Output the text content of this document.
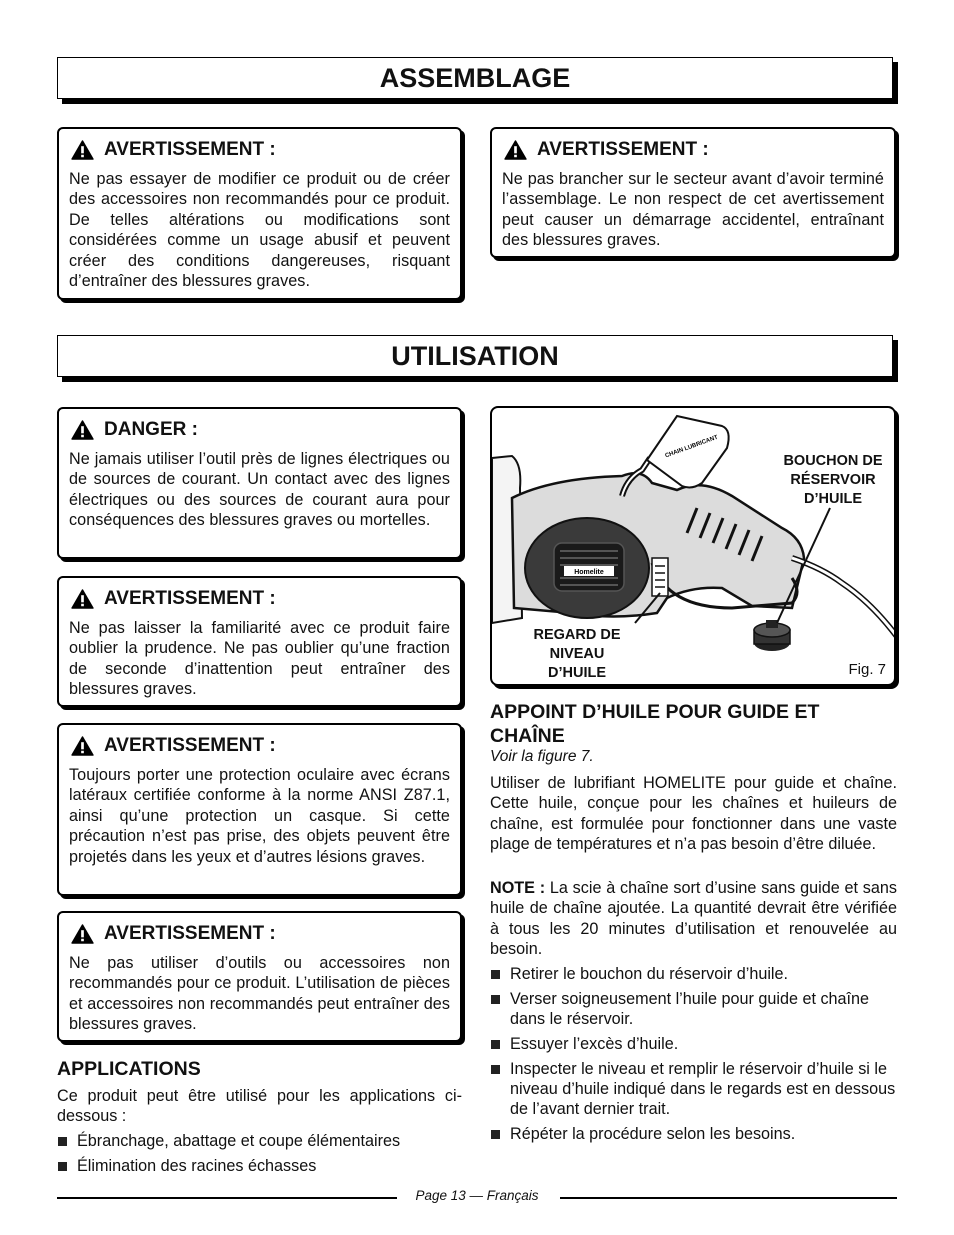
ASSEMBLAGE
AVERTISSEMENT :
Ne pas essayer de modifier ce produit ou de créer des accessoires non recommandés pour ce produit. De telles altérations ou modifications sont considérées comme un usage abusif et peuvent créer des conditions dangereuses, risquant d’entraîner des blessures graves.
AVERTISSEMENT :
Ne pas brancher sur le secteur avant d’avoir terminé l’assemblage. Le non respect de cet avertissement peut causer un démarrage accidentel, entraînant des blessures graves.
UTILISATION
DANGER :
Ne jamais utiliser l’outil près de lignes électriques ou de sources de courant. Un contact avec des lignes électriques ou des sources de courant aura pour conséquences des blessures graves ou mortelles.
AVERTISSEMENT :
Ne pas laisser la familiarité avec ce produit faire oublier la prudence. Ne pas oublier qu’une fraction de seconde d’inattention peut entraîner des blessures graves.
AVERTISSEMENT :
Toujours porter une protection oculaire avec écrans latéraux certifiée conforme à la norme ANSI Z87.1, ainsi qu’une protection un casque. Si cette précaution n’est pas prise, des objets peuvent être projetés dans les yeux et d’autres lésions graves.
AVERTISSEMENT :
Ne pas utiliser d’outils ou accessoires non recommandés pour ce produit. L’utilisation de pièces et accessoires non recommandés peut entraîner des blessures graves.
APPLICATIONS
Ce produit peut être utilisé pour les applications ci-dessous :
Ébranchage, abattage et coupe élémentaires
Élimination des racines échasses
Homelite
CHAIN LUBRICANT
BOUCHON DE RÉSERVOIR D’HUILE
REGARD DE NIVEAU D’HUILE	Fig. 7
APPOINT D’HUILE POUR GUIDE ET CHAÎNE
Voir la figure 7.
Utiliser de lubrifiant HOMELITE pour guide et chaîne. Cette huile, conçue pour les chaînes et huileurs de chaîne, est formulée pour fonctionner dans une vaste plage de températures et n’a pas besoin d’être diluée.
NOTE : La scie à chaîne sort d’usine sans guide et sans huile de chaîne ajoutée. La quantité devrait être vérifiée à tous les 20 minutes d’utilisation et renouvelée au besoin.
Retirer le bouchon du réservoir d’huile.
Verser soigneusement l’huile pour guide et chaîne dans le réservoir.
Essuyer l’excès d’huile.
Inspecter le niveau et remplir le réservoir d’huile si le niveau d’huile indiqué dans le regards est en dessous de l’avant dernier trait.
Répéter la procédure selon les besoins.
Page 13 — Français
